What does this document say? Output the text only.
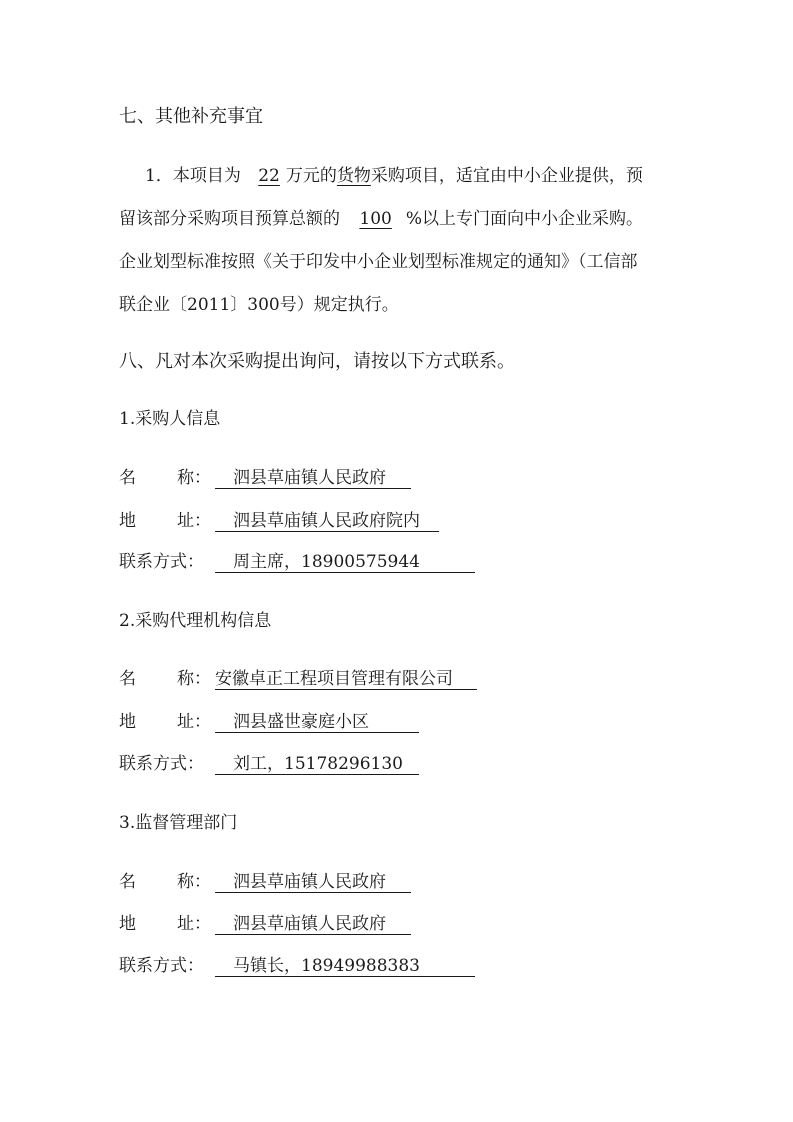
七、其他补充事宜
1．本项目为 22 万元的货物采购项目，适宜由中小企业提供，预
留该部分采购项目预算总额的 100 %以上专门面向中小企业采购。
企业划型标准按照《关于印发中小企业划型标准规定的通知》（工信部
联企业〔2011〕300号）规定执行。
八、凡对本次采购提出询问，请按以下方式联系。
1.采购人信息
名 称： 泗县草庙镇人民政府
地 址： 泗县草庙镇人民政府院内
联系方式： 周主席，18900575944
2.采购代理机构信息
名 称： 安徽卓正工程项目管理有限公司
地 址： 泗县盛世豪庭小区
联系方式： 刘工，15178296130
3.监督管理部门
名 称： 泗县草庙镇人民政府
地 址： 泗县草庙镇人民政府
联系方式： 马镇长，18949988383
